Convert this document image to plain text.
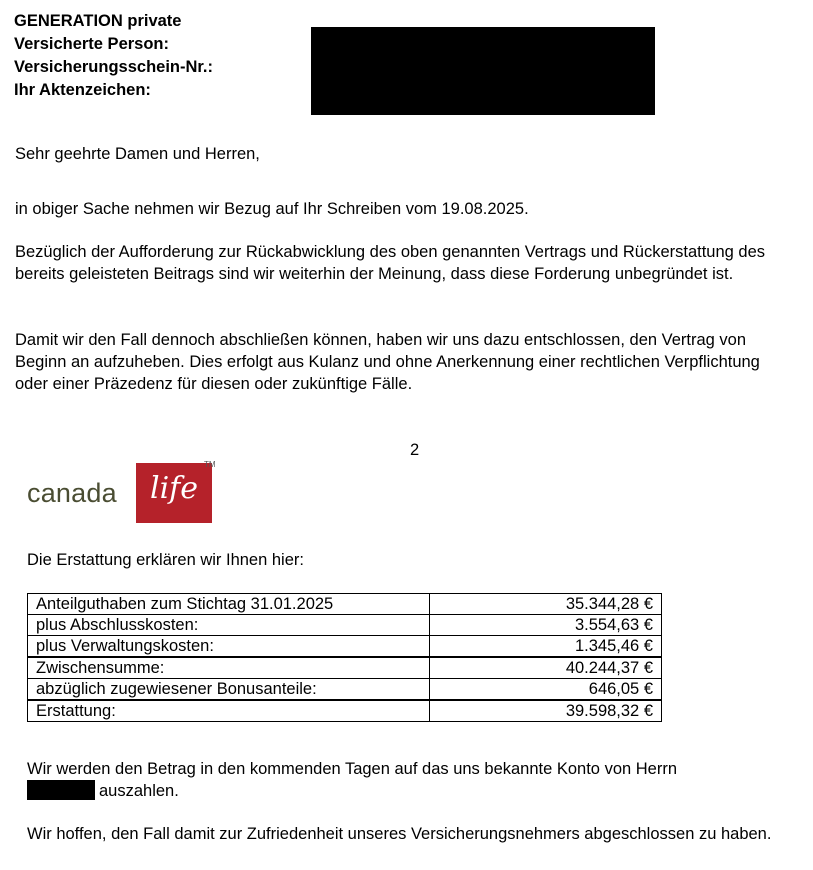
GENERATION private
Versicherte Person:
Versicherungsschein-Nr.:
Ihr Aktenzeichen:
Sehr geehrte Damen und Herren,
in obiger Sache nehmen wir Bezug auf Ihr Schreiben vom 19.08.2025.
Bezüglich der Aufforderung zur Rückabwicklung des oben genannten Vertrags und Rückerstattung des bereits geleisteten Beitrags sind wir weiterhin der Meinung, dass diese Forderung unbegründet ist.
Damit wir den Fall dennoch abschließen können, haben wir uns dazu entschlossen, den Vertrag von Beginn an aufzuheben. Dies erfolgt aus Kulanz und ohne Anerkennung einer rechtlichen Verpflichtung oder einer Präzedenz für diesen oder zukünftige Fälle.
2
canada	life
TM
Die Erstattung erklären wir Ihnen hier:
Anteilguthaben zum Stichtag 31.01.2025	35.344,28 €
plus Abschlusskosten:	3.554,63 €
plus Verwaltungskosten:	1.345,46 €
Zwischensumme:	40.244,37 €
abzüglich zugewiesener Bonusanteile:	646,05 €
Erstattung:	39.598,32 €
Wir werden den Betrag in den kommenden Tagen auf das uns bekannte Konto von Herrn
auszahlen.
Wir hoffen, den Fall damit zur Zufriedenheit unseres Versicherungsnehmers abgeschlossen zu haben.
